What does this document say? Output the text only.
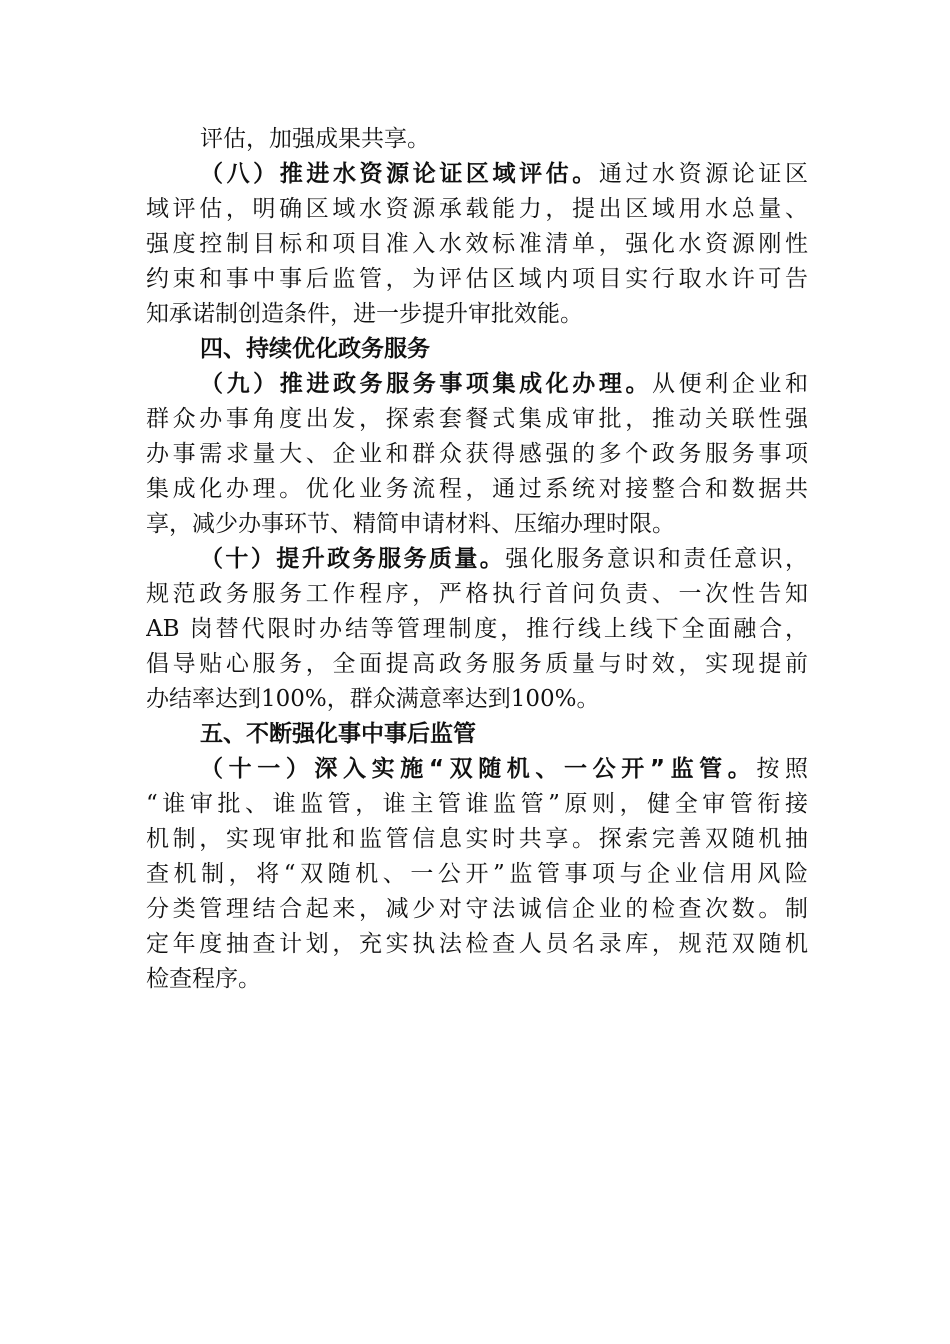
评估，加强成果共享。
（八）推进水资源论证区域评估。通过水资源论证区
域评估，明确区域水资源承载能力，提出区域用水总量、
强度控制目标和项目准入水效标准清单，强化水资源刚性
约束和事中事后监管，为评估区域内项目实行取水许可告
知承诺制创造条件，进一步提升审批效能。
四、持续优化政务服务
（九）推进政务服务事项集成化办理。从便利企业和
群众办事角度出发，探索套餐式集成审批，推动关联性强
办事需求量大、企业和群众获得感强的多个政务服务事项
集成化办理。优化业务流程，通过系统对接整合和数据共
享，减少办事环节、精简申请材料、压缩办理时限。
（十）提升政务服务质量。强化服务意识和责任意识，
规范政务服务工作程序，严格执行首问负责、一次性告知
AB 岗替代限时办结等管理制度，推行线上线下全面融合，
倡导贴心服务，全面提高政务服务质量与时效，实现提前
办结率达到100%，群众满意率达到100%。
五、不断强化事中事后监管
（十一）深入实施“双随机、一公开”监管。按照
“谁审批、谁监管，谁主管谁监管”原则，健全审管衔接
机制，实现审批和监管信息实时共享。探索完善双随机抽
查机制，将“双随机、一公开”监管事项与企业信用风险
分类管理结合起来，减少对守法诚信企业的检查次数。制
定年度抽查计划，充实执法检查人员名录库，规范双随机
检查程序。
